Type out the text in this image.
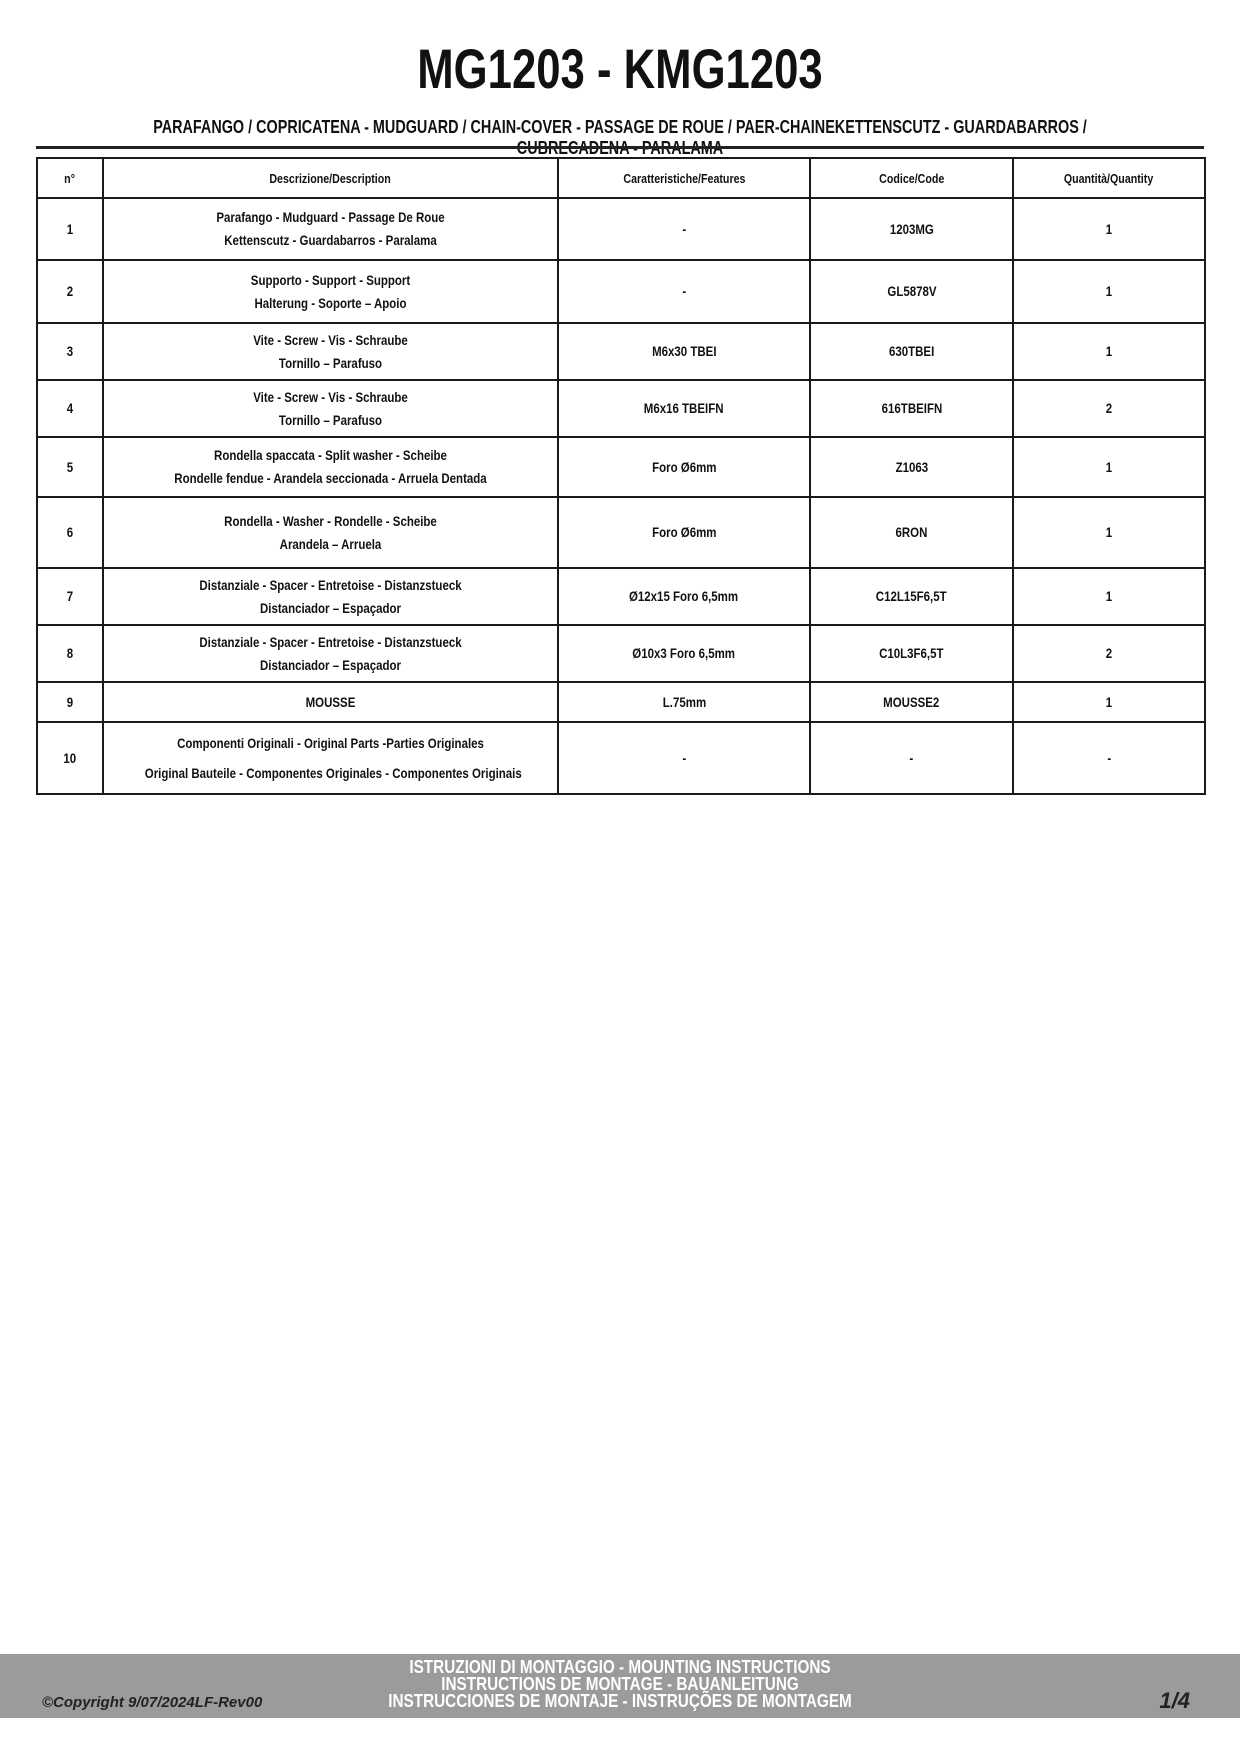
MG1203 - KMG1203
PARAFANGO / COPRICATENA - MUDGUARD / CHAIN-COVER - PASSAGE DE ROUE / PAER-CHAINEKETTENSCUTZ - GUARDABARROS /
n°	Descrizione/Description	Caratteristiche/Features	Codice/Code	Quantità/Quantity
1	Parafango - Mudguard - Passage De Roue
Kettenscutz - Guardabarros - Paralama	-	1203MG	1
2	Supporto - Support - Support
Halterung - Soporte – Apoio	-	GL5878V	1
3	Vite - Screw - Vis - Schraube
Tornillo – Parafuso	M6x30 TBEI	630TBEI	1
4	Vite - Screw - Vis - Schraube
Tornillo – Parafuso	M6x16 TBEIFN	616TBEIFN	2
5	Rondella spaccata - Split washer - Scheibe
Rondelle fendue - Arandela seccionada - Arruela Dentada	Foro Ø6mm	Z1063	1
6	Rondella - Washer - Rondelle - Scheibe
Arandela – Arruela	Foro Ø6mm	6RON	1
7	Distanziale - Spacer - Entretoise - Distanzstueck
Distanciador – Espaçador	Ø12x15 Foro 6,5mm	C12L15F6,5T	1
8	Distanziale - Spacer - Entretoise - Distanzstueck
Distanciador – Espaçador	Ø10x3 Foro 6,5mm	C10L3F6,5T	2
9	MOUSSE	L.75mm	MOUSSE2	1
10	Componenti Originali - Original Parts -Parties Originales
Original Bauteile - Componentes Originales - Componentes Originais	-	-	-
ISTRUZIONI DI MONTAGGIO - MOUNTING INSTRUCTIONS
INSTRUCTIONS DE MONTAGE - BAUANLEITUNG
INSTRUCCIONES DE MONTAJE - INSTRUÇÕES DE MONTAGEM
©Copyright 9/07/2024LF-Rev00	1/4
